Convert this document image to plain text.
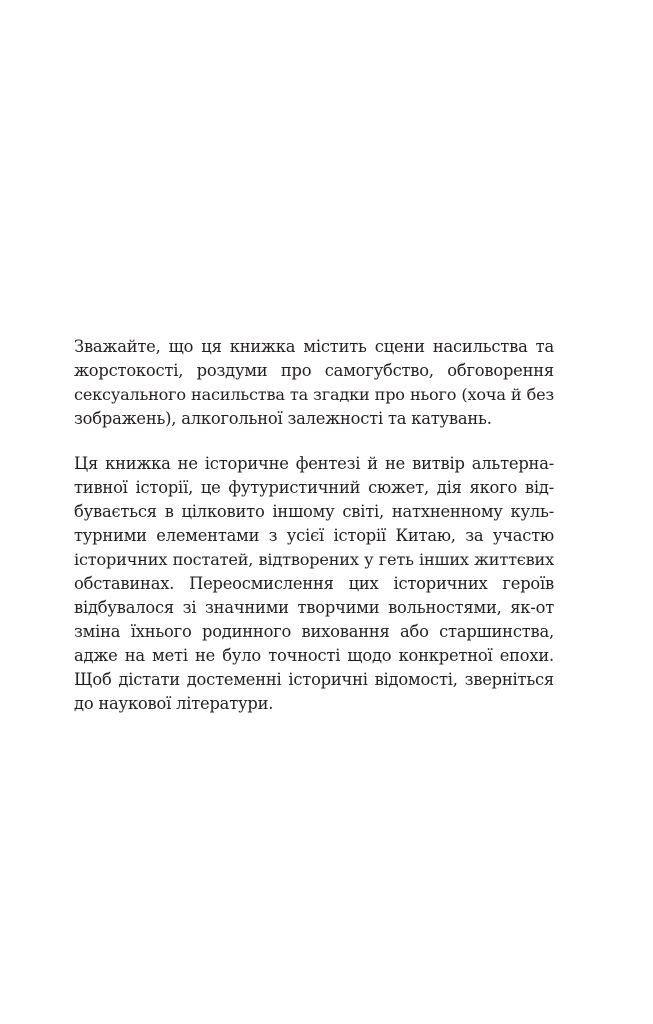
Зважайте, що ця книжка містить сцени насильства та
жорстокості, роздуми про самогубство, обговорення
сексуального насильства та згадки про нього (хоча й без
зображень), алкогольної залежності та катувань.
Ця книжка не історичне фентезі й не витвір альтерна-
тивної історії, це футуристичний сюжет, дія якого від-
бувається в цілковито іншому світі, натхненному куль-
турними елементами з усієї історії Китаю, за участю
історичних постатей, відтворених у геть інших життєвих
обставинах. Переосмислення цих історичних героїв
відбувалося зі значними творчими вольностями, як-от
зміна їхнього родинного виховання або старшинства,
адже на меті не було точності щодо конкретної епохи.
Щоб дістати достеменні історичні відомості, зверніться
до наукової літератури.
